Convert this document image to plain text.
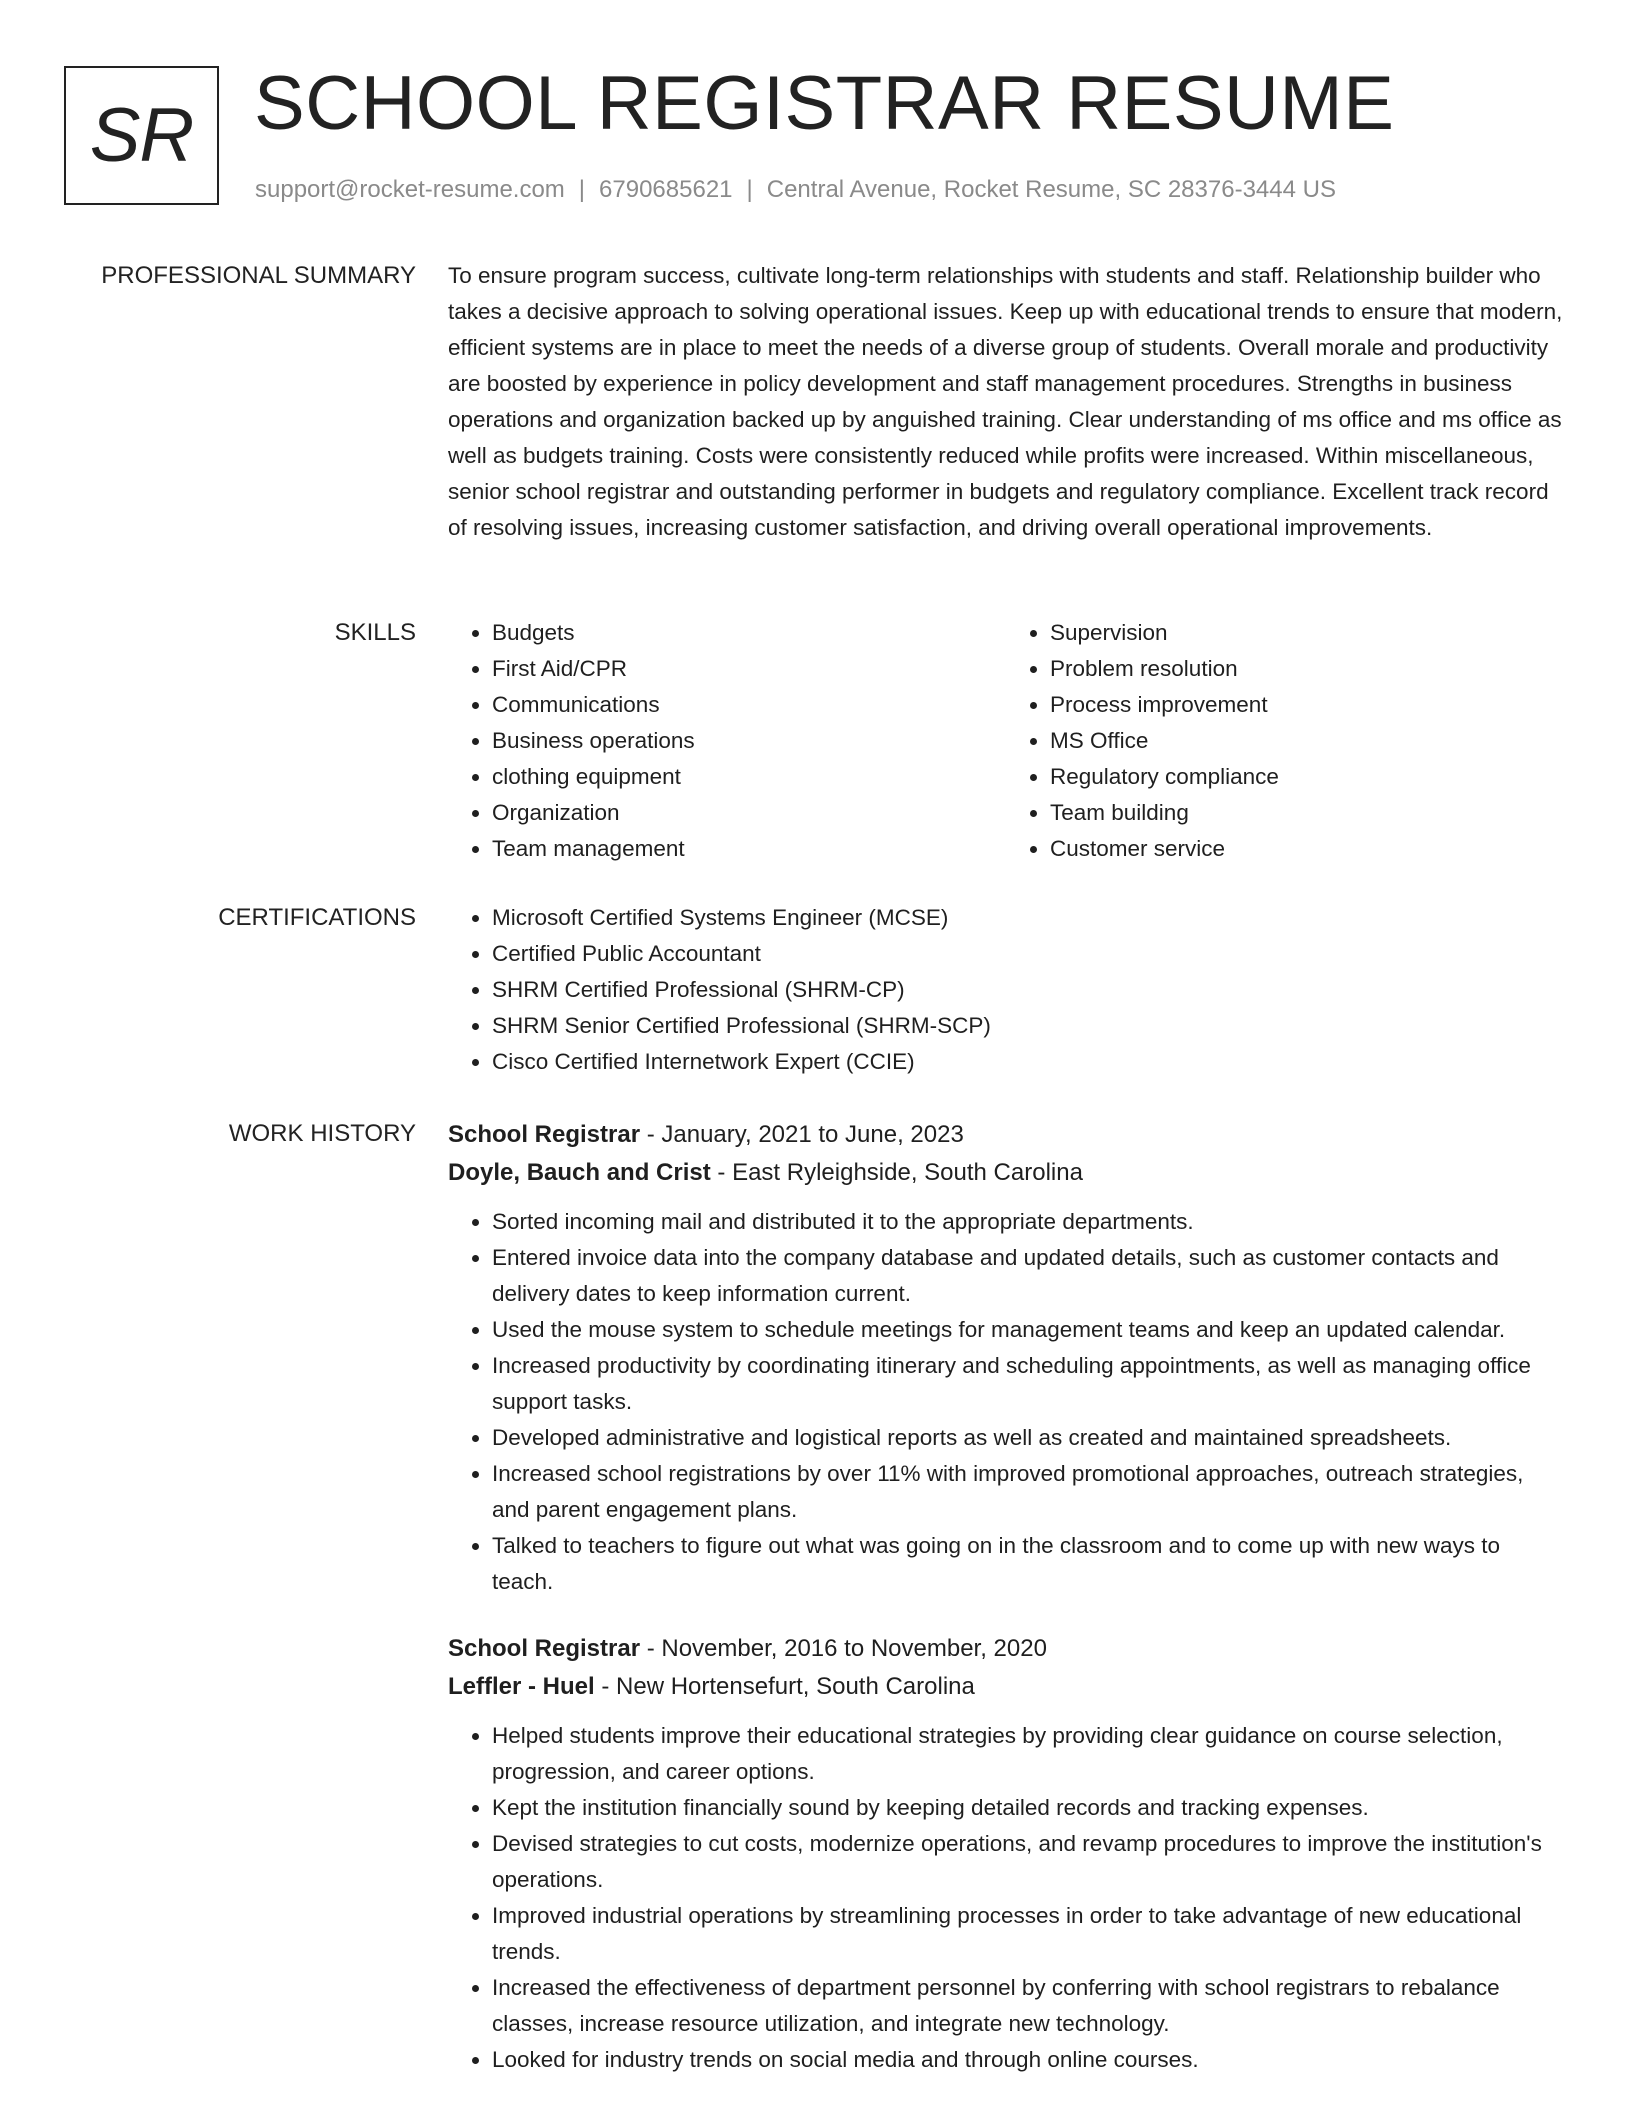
SR SCHOOL REGISTRAR RESUME
support@rocket-resume.com | 6790685621 | Central Avenue, Rocket Resume, SC 28376-3444 US
PROFESSIONAL SUMMARY To ensure program success, cultivate long-term relationships with students and staff. Relationship builder who takes a decisive approach to solving operational issues. Keep up with educational trends to ensure that modern, efficient systems are in place to meet the needs of a diverse group of students. Overall morale and productivity are boosted by experience in policy development and staff management procedures. Strengths in business operations and organization backed up by anguished training. Clear understanding of ms office and ms office as well as budgets training. Costs were consistently reduced while profits were increased. Within miscellaneous, senior school registrar and outstanding performer in budgets and regulatory compliance. Excellent track record of resolving issues, increasing customer satisfaction, and driving overall operational improvements.

SKILLS	• Budgets
• First Aid/CPR
• Communications
• Business operations
• clothing equipment
• Organization
• Team management
• Supervision
• Problem resolution
• Process improvement
• MS Office
• Regulatory compliance
• Team building
• Customer service
CERTIFICATIONS	• Microsoft Certified Systems Engineer (MCSE)
• Certified Public Accountant
• SHRM Certified Professional (SHRM-CP)
• SHRM Senior Certified Professional (SHRM-SCP)
• Cisco Certified Internetwork Expert (CCIE)
WORK HISTORY School Registrar - January, 2021 to June, 2023
Doyle, Bauch and Crist - East Ryleighside, South Carolina
• Sorted incoming mail and distributed it to the appropriate departments.
• Entered invoice data into the company database and updated details, such as customer contacts and delivery dates to keep information current.
• Used the mouse system to schedule meetings for management teams and keep an updated calendar.
• Increased productivity by coordinating itinerary and scheduling appointments, as well as managing office support tasks.
• Developed administrative and logistical reports as well as created and maintained spreadsheets.
• Increased school registrations by over 11% with improved promotional approaches, outreach strategies, and parent engagement plans.
• Talked to teachers to figure out what was going on in the classroom and to come up with new ways to teach.
School Registrar - November, 2016 to November, 2020
Leffler - Huel - New Hortensefurt, South Carolina
• Helped students improve their educational strategies by providing clear guidance on course selection, progression, and career options.
• Kept the institution financially sound by keeping detailed records and tracking expenses.
• Devised strategies to cut costs, modernize operations, and revamp procedures to improve the institution's operations.
• Improved industrial operations by streamlining processes in order to take advantage of new educational trends.
• Increased the effectiveness of department personnel by conferring with school registrars to rebalance classes, increase resource utilization, and integrate new technology.
• Looked for industry trends on social media and through online courses.
